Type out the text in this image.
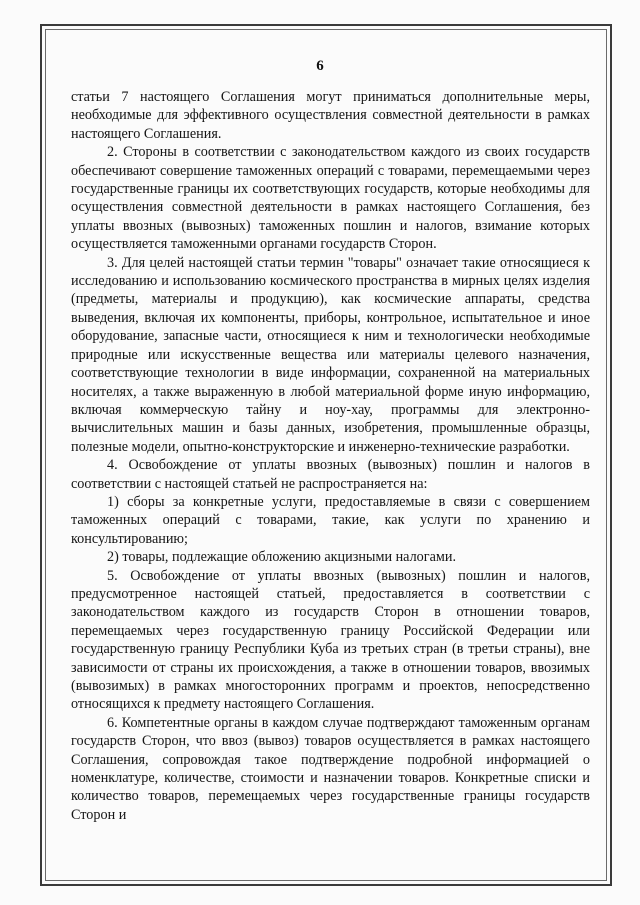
6

статьи 7 настоящего Соглашения могут приниматься дополнительные меры, необходимые для эффективного осуществления совместной деятельности в рамках настоящего Соглашения.

2. Стороны в соответствии с законодательством каждого из своих государств обеспечивают совершение таможенных операций с товарами, перемещаемыми через государственные границы их соответствующих государств, которые необходимы для осуществления совместной деятельности в рамках настоящего Соглашения, без уплаты ввозных (вывозных) таможенных пошлин и налогов, взимание которых осуществляется таможенными органами государств Сторон.

3. Для целей настоящей статьи термин "товары" означает такие относящиеся к исследованию и использованию космического пространства в мирных целях изделия (предметы, материалы и продукцию), как космические аппараты, средства выведения, включая их компоненты, приборы, контрольное, испытательное и иное оборудование, запасные части, относящиеся к ним и технологически необходимые природные или искусственные вещества или материалы целевого назначения, соответствующие технологии в виде информации, сохраненной на материальных носителях, а также выраженную в любой материальной форме иную информацию, включая коммерческую тайну и ноу-хау, программы для электронно-вычислительных машин и базы данных, изобретения, промышленные образцы, полезные модели, опытно-конструкторские и инженерно-технические разработки.

4. Освобождение от уплаты ввозных (вывозных) пошлин и налогов в соответствии с настоящей статьей не распространяется на:

1) сборы за конкретные услуги, предоставляемые в связи с совершением таможенных операций с товарами, такие, как услуги по хранению и консультированию;

2) товары, подлежащие обложению акцизными налогами.

5. Освобождение от уплаты ввозных (вывозных) пошлин и налогов, предусмотренное настоящей статьей, предоставляется в соответствии с законодательством каждого из государств Сторон в отношении товаров, перемещаемых через государственную границу Российской Федерации или государственную границу Республики Куба из третьих стран (в третьи страны), вне зависимости от страны их происхождения, а также в отношении товаров, ввозимых (вывозимых) в рамках многосторонних программ и проектов, непосредственно относящихся к предмету настоящего Соглашения.

6. Компетентные органы в каждом случае подтверждают таможенным органам государств Сторон, что ввоз (вывоз) товаров осуществляется в рамках настоящего Соглашения, сопровождая такое подтверждение подробной информацией о номенклатуре, количестве, стоимости и назначении товаров. Конкретные списки и количество товаров, перемещаемых через государственные границы государств Сторон и
